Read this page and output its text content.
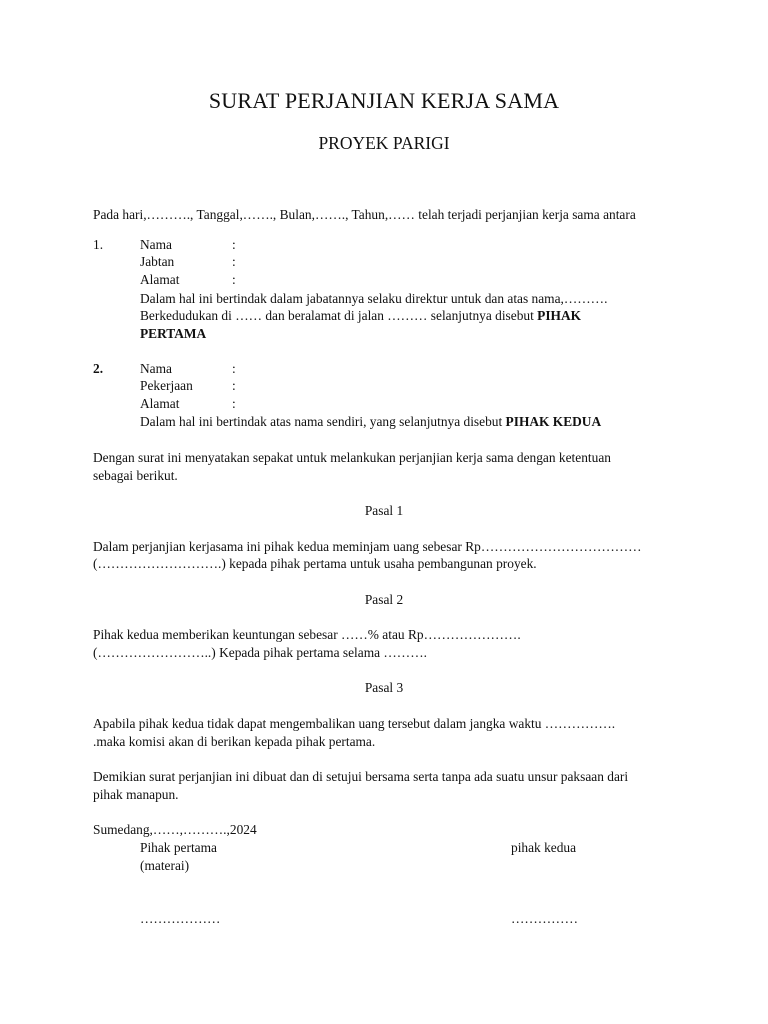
SURAT PERJANJIAN KERJA SAMA
PROYEK PARIGI
Pada hari,………., Tanggal,……., Bulan,……., Tahun,…… telah terjadi perjanjian kerja sama antara
1.	Nama	:
Jabtan	:
Alamat	:
Dalam hal ini bertindak dalam jabatannya selaku direktur untuk dan atas nama,……….
Berkedudukan di …… dan beralamat di jalan ……… selanjutnya disebut PIHAK
PERTAMA
2.	Nama	:
Pekerjaan	:
Alamat	:
Dalam hal ini bertindak atas nama sendiri, yang selanjutnya disebut PIHAK KEDUA
Dengan surat ini menyatakan sepakat untuk melankukan perjanjian kerja sama dengan ketentuan
sebagai berikut.
Pasal 1
Dalam perjanjian kerjasama ini pihak kedua meminjam uang sebesar Rp………………………………
(……………………….) kepada pihak pertama untuk usaha pembangunan proyek.
Pasal 2
Pihak kedua memberikan keuntungan sebesar ……% atau Rp………………….
(……………………..) Kepada pihak pertama selama ……….
Pasal 3
Apabila pihak kedua tidak dapat mengembalikan uang tersebut dalam jangka waktu …………….
.maka komisi akan di berikan kepada pihak pertama.
Demikian surat perjanjian ini dibuat dan di setujui bersama serta tanpa ada suatu unsur paksaan dari
pihak manapun.
Sumedang,……,……….,2024
Pihak pertama	pihak kedua
(materai)
………………	……………
